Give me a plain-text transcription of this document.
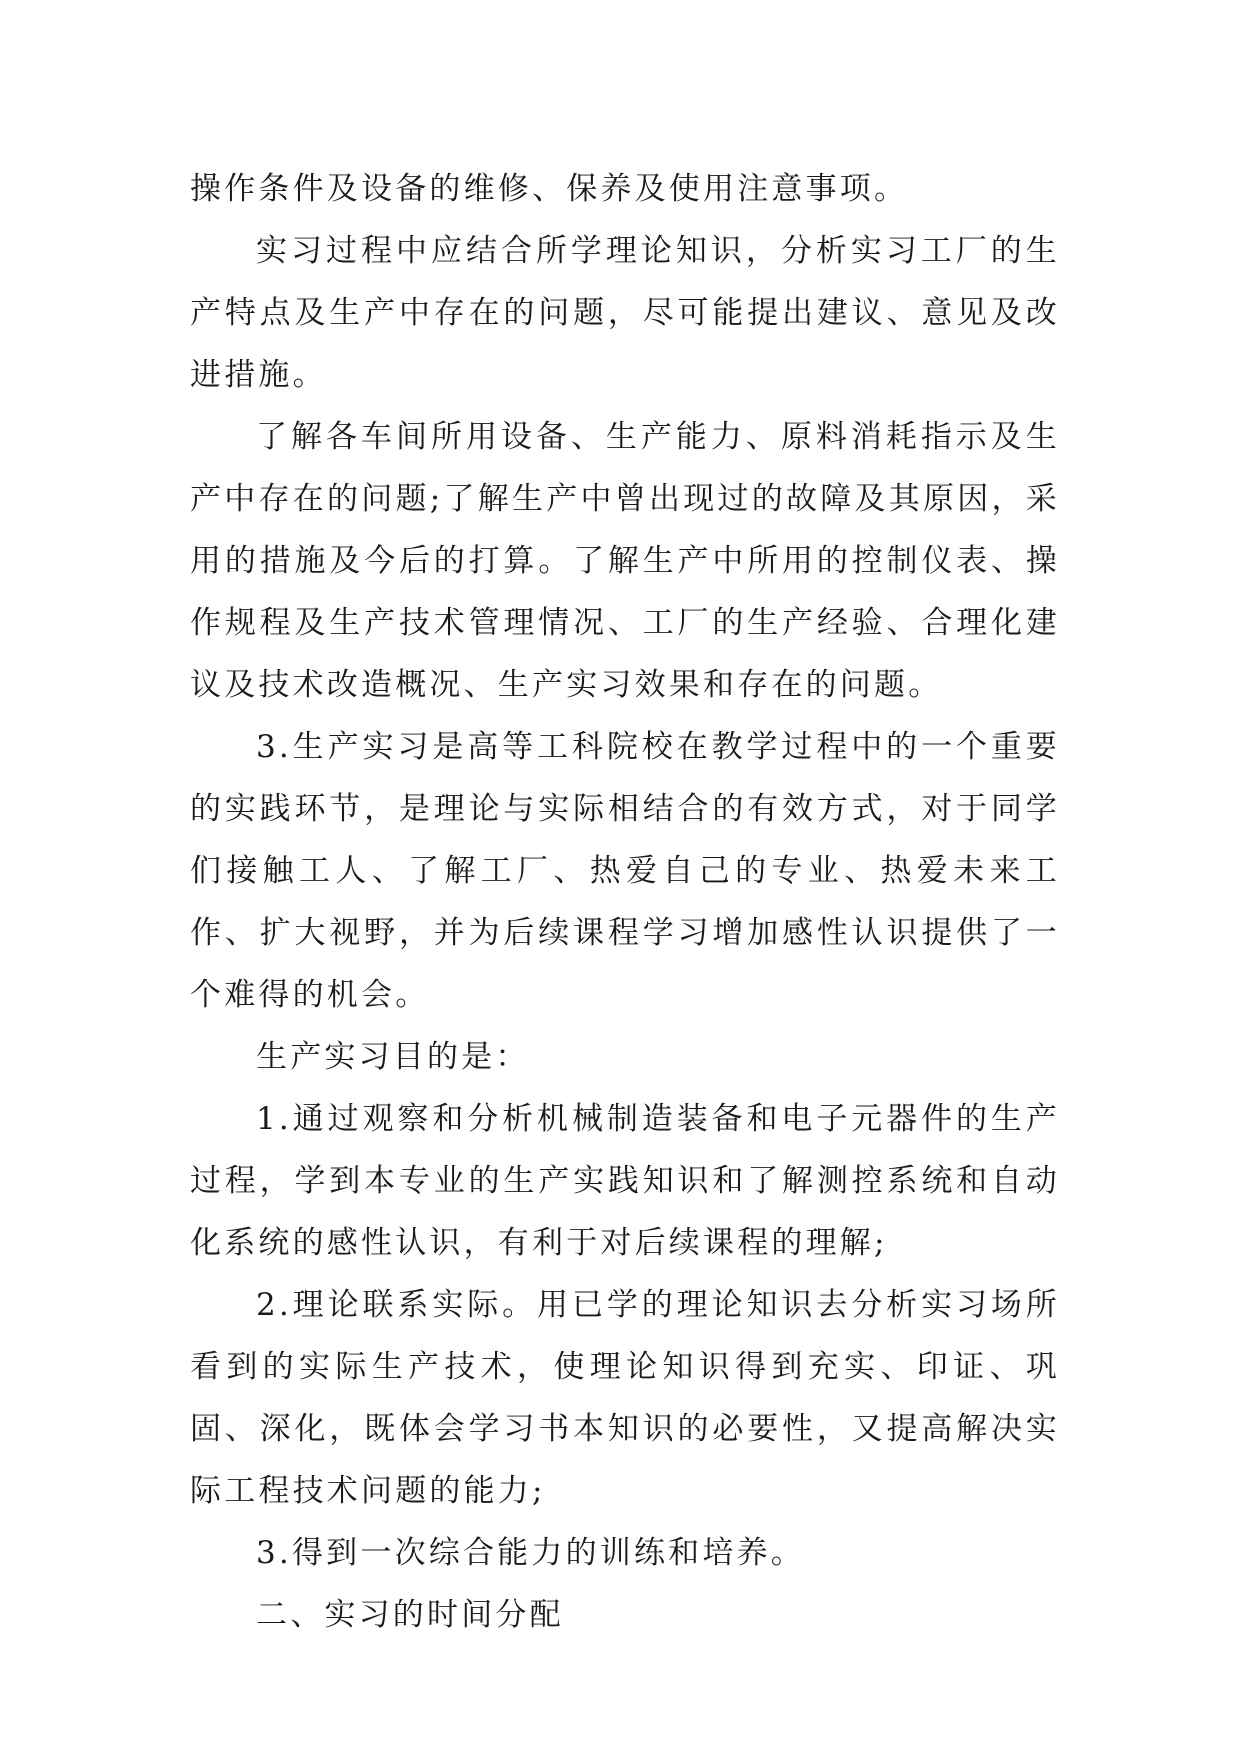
操作条件及设备的维修、保养及使用注意事项。

实习过程中应结合所学理论知识，分析实习工厂的生产特点及生产中存在的问题，尽可能提出建议、意见及改进措施。

了解各车间所用设备、生产能力、原料消耗指示及生产中存在的问题;了解生产中曾出现过的故障及其原因，采用的措施及今后的打算。了解生产中所用的控制仪表、操作规程及生产技术管理情况、工厂的生产经验、合理化建议及技术改造概况、生产实习效果和存在的问题。

3.生产实习是高等工科院校在教学过程中的一个重要的实践环节，是理论与实际相结合的有效方式，对于同学们接触工人、了解工厂、热爱自己的专业、热爱未来工作、扩大视野，并为后续课程学习增加感性认识提供了一个难得的机会。

生产实习目的是：

1.通过观察和分析机械制造装备和电子元器件的生产过程，学到本专业的生产实践知识和了解测控系统和自动化系统的感性认识，有利于对后续课程的理解;

2.理论联系实际。用已学的理论知识去分析实习场所看到的实际生产技术，使理论知识得到充实、印证、巩固、深化，既体会学习书本知识的必要性，又提高解决实际工程技术问题的能力;

3.得到一次综合能力的训练和培养。

二、实习的时间分配
